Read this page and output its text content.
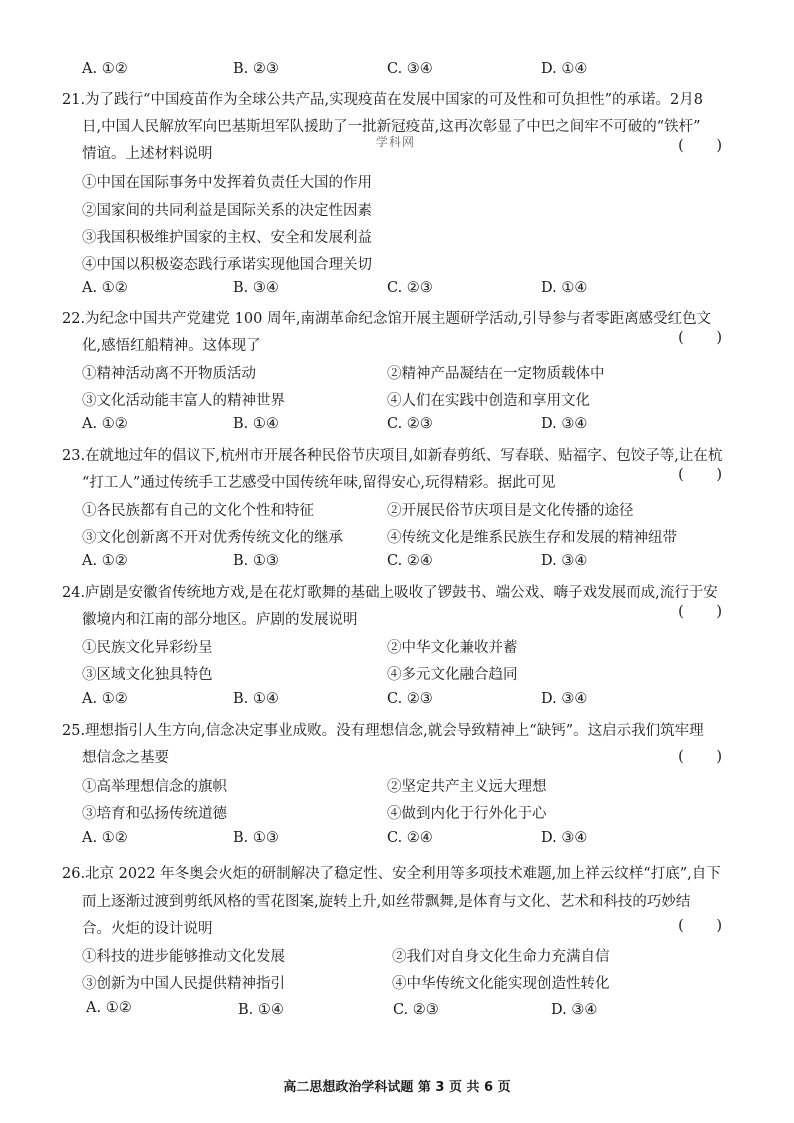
A. ①②	B. ②③	C. ③④	D. ①④
21.为了践行“中国疫苗作为全球公共产品,实现疫苗在发展中国家的可及性和可负担性”的承诺。2月8
日,中国人民解放军向巴基斯坦军队援助了一批新冠疫苗,这再次彰显了中巴之间牢不可破的“铁杆”
情谊。上述材料说明	( )
①中国在国际事务中发挥着负责任大国的作用
②国家间的共同利益是国际关系的决定性因素
③我国积极维护国家的主权、安全和发展利益
④中国以积极姿态践行承诺实现他国合理关切
A. ①②	B. ③④	C. ②③	D. ①④
学科网
22.为纪念中国共产党建党 100 周年,南湖革命纪念馆开展主题研学活动,引导参与者零距离感受红色文
化,感悟红船精神。这体现了	( )
①精神活动离不开物质活动	②精神产品凝结在一定物质载体中
③文化活动能丰富人的精神世界	④人们在实践中创造和享用文化
A. ①②	B. ①④	C. ②③	D. ③④
23.在就地过年的倡议下,杭州市开展各种民俗节庆项目,如新春剪纸、写春联、贴福字、包饺子等,让在杭
“打工人”通过传统手工艺感受中国传统年味,留得安心,玩得精彩。据此可见	( )
①各民族都有自己的文化个性和特征	②开展民俗节庆项目是文化传播的途径
③文化创新离不开对优秀传统文化的继承	④传统文化是维系民族生存和发展的精神纽带
A. ①②	B. ①③	C. ②④	D. ③④
24.庐剧是安徽省传统地方戏,是在花灯歌舞的基础上吸收了锣鼓书、端公戏、嗨子戏发展而成,流行于安
徽境内和江南的部分地区。庐剧的发展说明	( )
①民族文化异彩纷呈	②中华文化兼收并蓄
③区域文化独具特色	④多元文化融合趋同
A. ①②	B. ①④	C. ②③	D. ③④
25.理想指引人生方向,信念决定事业成败。没有理想信念,就会导致精神上“缺钙”。这启示我们筑牢理
想信念之基要	( )
①高举理想信念的旗帜	②坚定共产主义远大理想
③培育和弘扬传统道德	④做到内化于行外化于心
A. ①②	B. ①③	C. ②④	D. ③④
26.北京 2022 年冬奥会火炬的研制解决了稳定性、安全利用等多项技术难题,加上祥云纹样“打底”,自下
而上逐渐过渡到剪纸风格的雪花图案,旋转上升,如丝带飘舞,是体育与文化、艺术和科技的巧妙结
合。火炬的设计说明	( )
①科技的进步能够推动文化发展	②我们对自身文化生命力充满自信
③创新为中国人民提供精神指引	④中华传统文化能实现创造性转化
A. ①②	B. ①④	C. ②③	D. ③④
高二思想政治学科试题 第 3 页 共 6 页
